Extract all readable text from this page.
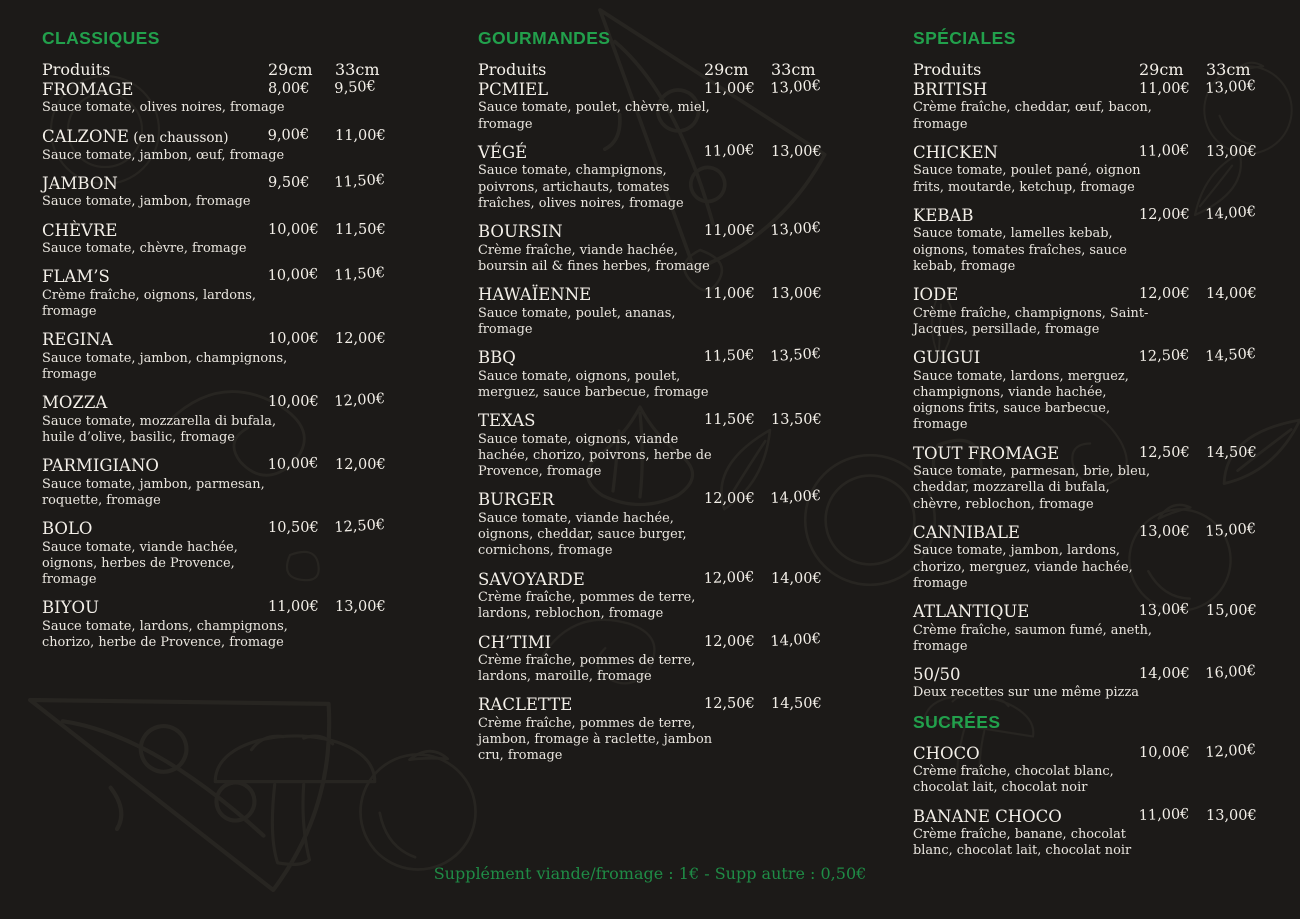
CLASSIQUES
Produits	29cm	33cm
FROMAGE	8,00€	9,50€
Sauce tomate, olives noires, fromage
CALZONE (en chausson)	9,00€	11,00€
Sauce tomate, jambon, œuf, fromage
JAMBON	9,50€	11,50€
Sauce tomate, jambon, fromage
CHÈVRE	10,00€	11,50€
Sauce tomate, chèvre, fromage
FLAM’S	10,00€	11,50€
Crème fraîche, oignons, lardons, fromage
REGINA	10,00€	12,00€
Sauce tomate, jambon, champignons, fromage
MOZZA	10,00€	12,00€
Sauce tomate, mozzarella di bufala, huile d’olive, basilic, fromage
PARMIGIANO	10,00€	12,00€
Sauce tomate, jambon, parmesan, roquette, fromage
BOLO	10,50€	12,50€
Sauce tomate, viande hachée, oignons, herbes de Provence, fromage
BIYOU	11,00€	13,00€
Sauce tomate, lardons, champignons, chorizo, herbe de Provence, fromage
GOURMANDES
Produits	29cm	33cm
PCMIEL	11,00€	13,00€
Sauce tomate, poulet, chèvre, miel, fromage
VÉGÉ	11,00€	13,00€
Sauce tomate, champignons, poivrons, artichauts, tomates fraîches, olives noires, fromage
BOURSIN	11,00€	13,00€
Crème fraîche, viande hachée, boursin ail & fines herbes, fromage
HAWAÏENNE	11,00€	13,00€
Sauce tomate, poulet, ananas, fromage
BBQ	11,50€	13,50€
Sauce tomate, oignons, poulet, merguez, sauce barbecue, fromage
TEXAS	11,50€	13,50€
Sauce tomate, oignons, viande hachée, chorizo, poivrons, herbe de Provence, fromage
BURGER	12,00€	14,00€
Sauce tomate, viande hachée, oignons, cheddar, sauce burger, cornichons, fromage
SAVOYARDE	12,00€	14,00€
Crème fraîche, pommes de terre, lardons, reblochon, fromage
CH’TIMI	12,00€	14,00€
Crème fraîche, pommes de terre, lardons, maroille, fromage
RACLETTE	12,50€	14,50€
Crème fraîche, pommes de terre, jambon, fromage à raclette, jambon cru, fromage
SPÉCIALES
Produits	29cm	33cm
BRITISH	11,00€	13,00€
Crème fraîche, cheddar, œuf, bacon, fromage
CHICKEN	11,00€	13,00€
Sauce tomate, poulet pané, oignon frits, moutarde, ketchup, fromage
KEBAB	12,00€	14,00€
Sauce tomate, lamelles kebab, oignons, tomates fraîches, sauce kebab, fromage
IODE	12,00€	14,00€
Crème fraîche, champignons, Saint-Jacques, persillade, fromage
GUIGUI	12,50€	14,50€
Sauce tomate, lardons, merguez, champignons, viande hachée, oignons frits, sauce barbecue, fromage
TOUT FROMAGE	12,50€	14,50€
Sauce tomate, parmesan, brie, bleu, cheddar, mozzarella di bufala, chèvre, reblochon, fromage
CANNIBALE	13,00€	15,00€
Sauce tomate, jambon, lardons, chorizo, merguez, viande hachée, fromage
ATLANTIQUE	13,00€	15,00€
Crème fraîche, saumon fumé, aneth, fromage
50/50	14,00€	16,00€
Deux recettes sur une même pizza
SUCRÉES
CHOCO	10,00€	12,00€
Crème fraîche, chocolat blanc, chocolat lait, chocolat noir
BANANE CHOCO	11,00€	13,00€
Crème fraîche, banane, chocolat blanc, chocolat lait, chocolat noir
Supplément viande/fromage : 1€ - Supp autre : 0,50€
